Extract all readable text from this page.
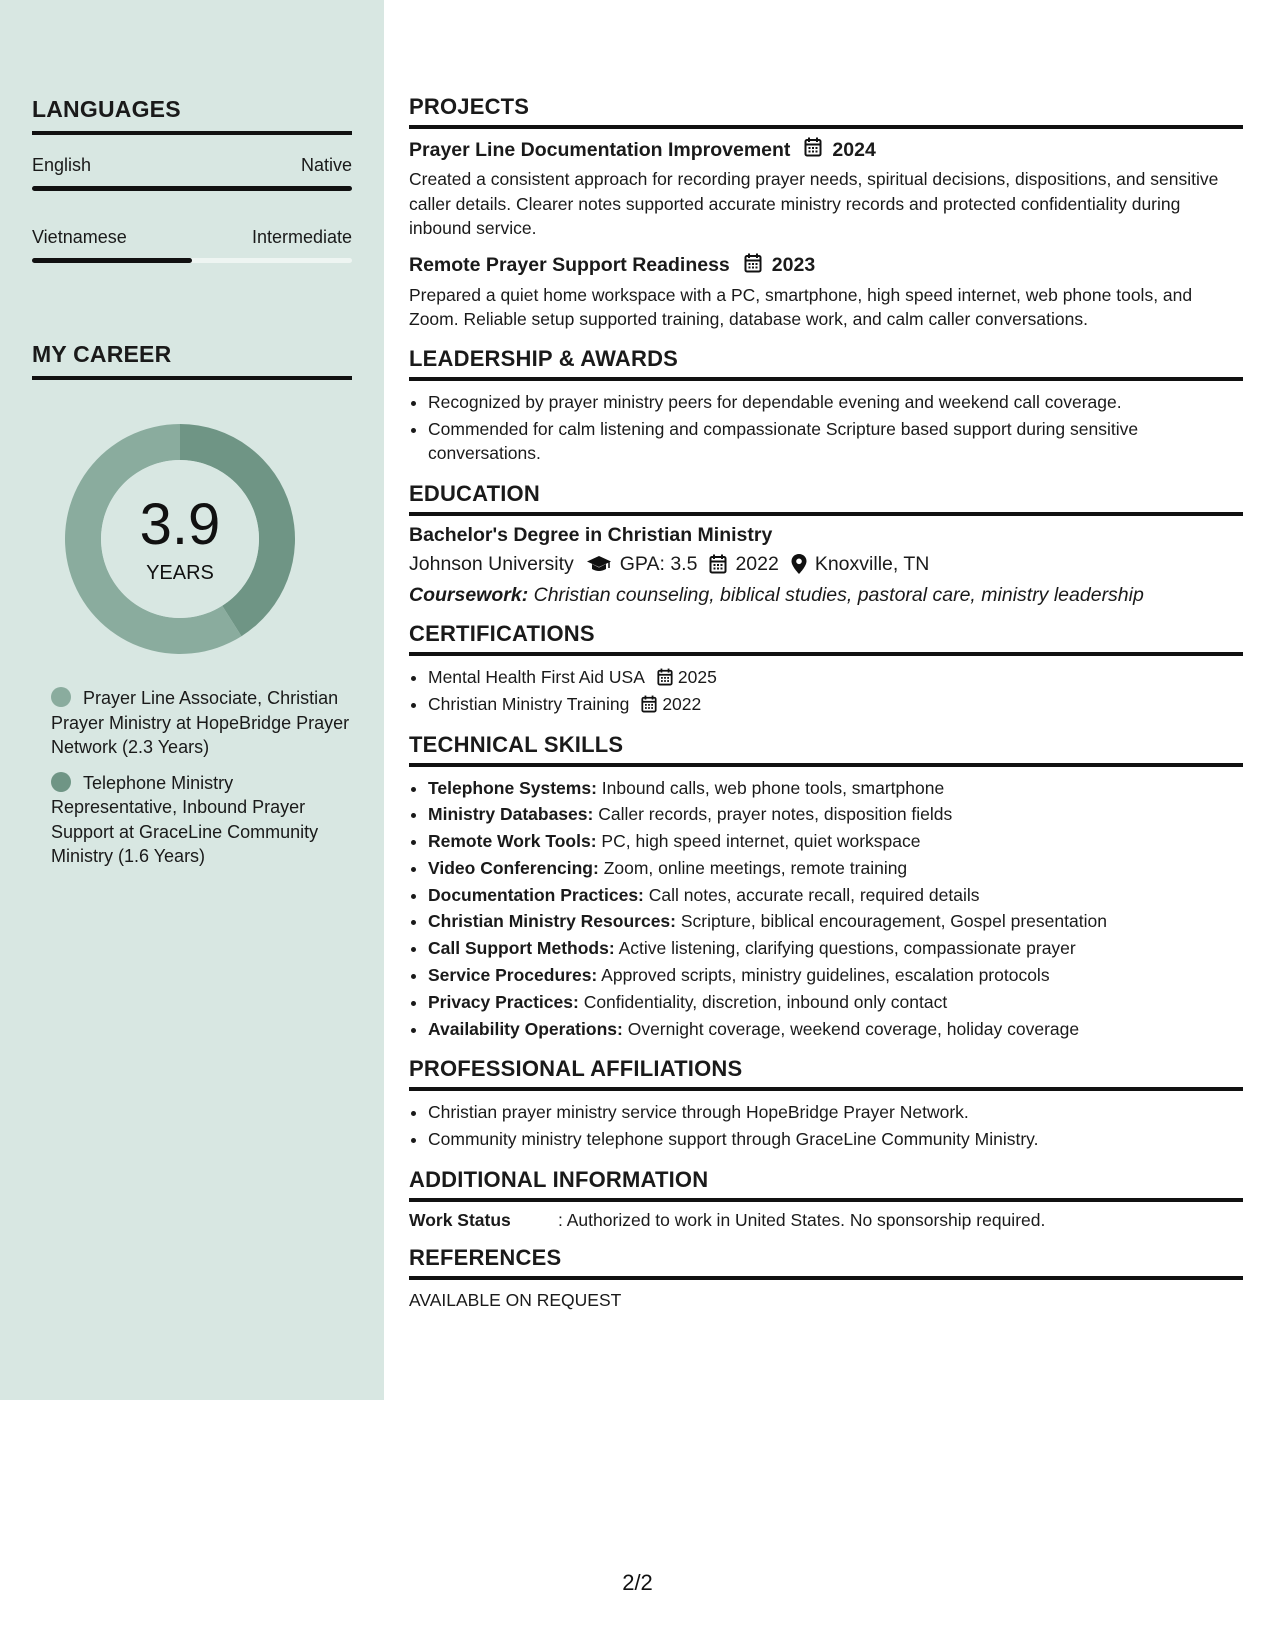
LANGUAGES
English	Native
Vietnamese	Intermediate
MY CAREER
3.9
YEARS
Prayer Line Associate, Christian Prayer Ministry at HopeBridge Prayer Network (2.3 Years)
Telephone Ministry Representative, Inbound Prayer Support at GraceLine Community Ministry (1.6 Years)
PROJECTS
Prayer Line Documentation Improvement 2024
Created a consistent approach for recording prayer needs, spiritual decisions, dispositions, and sensitive caller details. Clearer notes supported accurate ministry records and protected confidentiality during inbound service.
Remote Prayer Support Readiness 2023
Prepared a quiet home workspace with a PC, smartphone, high speed internet, web phone tools, and Zoom. Reliable setup supported training, database work, and calm caller conversations.
LEADERSHIP & AWARDS
• Recognized by prayer ministry peers for dependable evening and weekend call coverage.
• Commended for calm listening and compassionate Scripture based support during sensitive conversations.
EDUCATION
Bachelor's Degree in Christian Ministry
Johnson University GPA: 3.5 2022 Knoxville, TN
Coursework: Christian counseling, biblical studies, pastoral care, ministry leadership
CERTIFICATIONS
• Mental Health First Aid USA 2025
• Christian Ministry Training 2022
TECHNICAL SKILLS
• Telephone Systems: Inbound calls, web phone tools, smartphone
• Ministry Databases: Caller records, prayer notes, disposition fields
• Remote Work Tools: PC, high speed internet, quiet workspace
• Video Conferencing: Zoom, online meetings, remote training
• Documentation Practices: Call notes, accurate recall, required details
• Christian Ministry Resources: Scripture, biblical encouragement, Gospel presentation
• Call Support Methods: Active listening, clarifying questions, compassionate prayer
• Service Procedures: Approved scripts, ministry guidelines, escalation protocols
• Privacy Practices: Confidentiality, discretion, inbound only contact
• Availability Operations: Overnight coverage, weekend coverage, holiday coverage
PROFESSIONAL AFFILIATIONS
• Christian prayer ministry service through HopeBridge Prayer Network.
• Community ministry telephone support through GraceLine Community Ministry.
ADDITIONAL INFORMATION
Work Status	: Authorized to work in United States. No sponsorship required.
REFERENCES
AVAILABLE ON REQUEST
2/2
